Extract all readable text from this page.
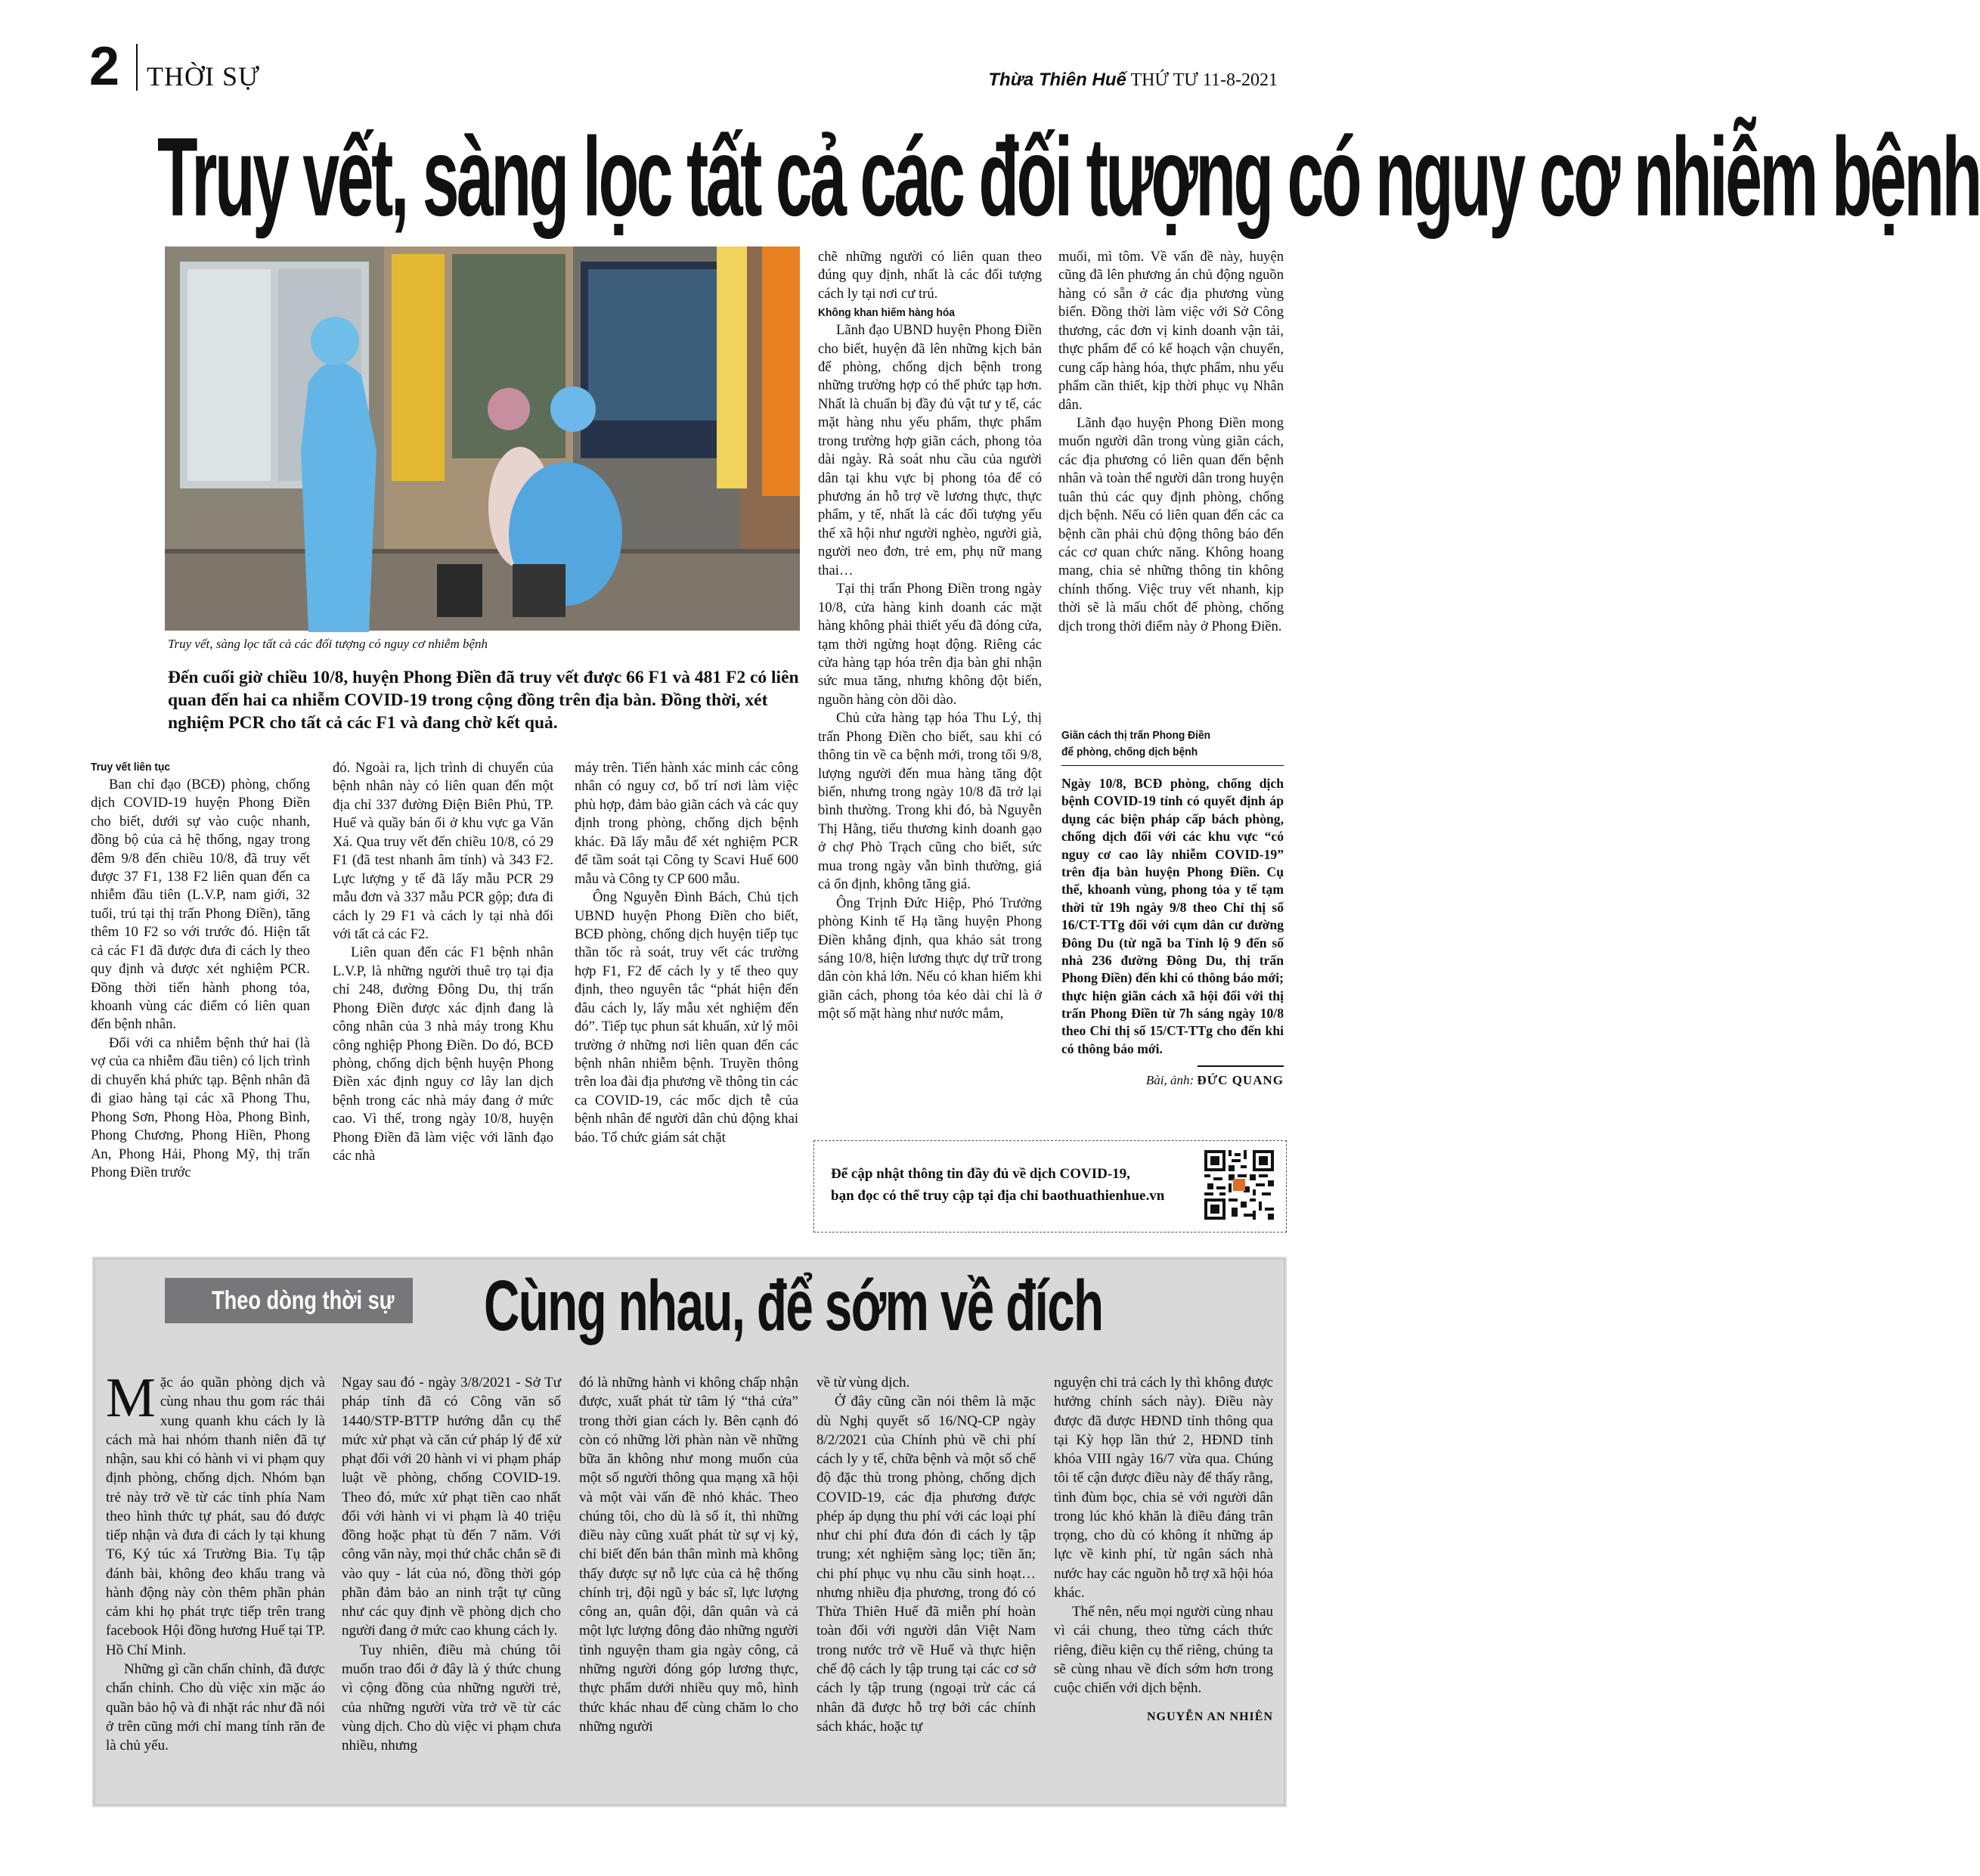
2 THỜI SỰ	Thừa Thiên Huế THỨ TƯ 11-8-2021
Truy vết, sàng lọc tất cả các đối tượng có nguy cơ nhiễm bệnh
Truy vết, sàng lọc tất cả các đối tượng có nguy cơ nhiễm bệnh
Đến cuối giờ chiều 10/8, huyện Phong Điền đã truy vết được 66 F1 và 481 F2 có liên quan đến hai ca nhiễm COVID-19 trong cộng đồng trên địa bàn. Đồng thời, xét nghiệm PCR cho tất cả các F1 và đang chờ kết quả.
Truy vết liên tục

Ban chỉ đạo (BCĐ) phòng, chống dịch COVID-19 huyện Phong Điền cho biết, dưới sự vào cuộc nhanh, đồng bộ của cả hệ thống, ngay trong đêm 9/8 đến chiều 10/8, đã truy vết được 37 F1, 138 F2 liên quan đến ca nhiễm đầu tiên (L.V.P, nam giới, 32 tuổi, trú tại thị trấn Phong Điền), tăng thêm 10 F2 so với trước đó. Hiện tất cả các F1 đã được đưa đi cách ly theo quy định và được xét nghiệm PCR. Đồng thời tiến hành phong tỏa, khoanh vùng các điểm có liên quan đến bệnh nhân.

Đối với ca nhiễm bệnh thứ hai (là vợ của ca nhiễm đầu tiên) có lịch trình di chuyển khá phức tạp. Bệnh nhân đã đi giao hàng tại các xã Phong Thu, Phong Sơn, Phong Hòa, Phong Bình, Phong Chương, Phong Hiền, Phong An, Phong Hải, Phong Mỹ, thị trấn Phong Điền trước

đó. Ngoài ra, lịch trình di chuyển của bệnh nhân này có liên quan đến một địa chỉ 337 đường Điện Biên Phủ, TP. Huế và quầy bán ổi ở khu vực ga Văn Xá. Qua truy vết đến chiều 10/8, có 29 F1 (đã test nhanh âm tính) và 343 F2. Lực lượng y tế đã lấy mẫu PCR 29 mẫu đơn và 337 mẫu PCR gộp; đưa đi cách ly 29 F1 và cách ly tại nhà đối với tất cả các F2.

Liên quan đến các F1 bệnh nhân L.V.P, là những người thuê trọ tại địa chỉ 248, đường Đông Du, thị trấn Phong Điền được xác định đang là công nhân của 3 nhà máy trong Khu công nghiệp Phong Điền. Do đó, BCĐ phòng, chống dịch bệnh huyện Phong Điền xác định nguy cơ lây lan dịch bệnh trong các nhà máy đang ở mức cao. Vì thế, trong ngày 10/8, huyện Phong Điền đã làm việc với lãnh đạo các nhà

máy trên. Tiến hành xác minh các công nhân có nguy cơ, bố trí nơi làm việc phù hợp, đảm bảo giãn cách và các quy định trong phòng, chống dịch bệnh khác. Đã lấy mẫu để xét nghiệm PCR để tầm soát tại Công ty Scavi Huế 600 mẫu và Công ty CP 600 mẫu.

Ông Nguyễn Đình Bách, Chủ tịch UBND huyện Phong Điền cho biết, BCĐ phòng, chống dịch huyện tiếp tục thần tốc rà soát, truy vết các trường hợp F1, F2 để cách ly y tế theo quy định, theo nguyên tắc “phát hiện đến đâu cách ly, lấy mẫu xét nghiệm đến đó”. Tiếp tục phun sát khuẩn, xử lý môi trường ở những nơi liên quan đến các bệnh nhân nhiễm bệnh. Truyền thông trên loa đài địa phương về thông tin các ca COVID-19, các mốc dịch tễ của bệnh nhân để người dân chủ động khai báo. Tổ chức giám sát chặt

chẽ những người có liên quan theo đúng quy định, nhất là các đối tượng cách ly tại nơi cư trú.

Không khan hiếm hàng hóa

Lãnh đạo UBND huyện Phong Điền cho biết, huyện đã lên những kịch bản để phòng, chống dịch bệnh trong những trường hợp có thể phức tạp hơn. Nhất là chuẩn bị đầy đủ vật tư y tế, các mặt hàng nhu yếu phẩm, thực phẩm trong trường hợp giãn cách, phong tỏa dài ngày. Rà soát nhu cầu của người dân tại khu vực bị phong tỏa để có phương án hỗ trợ về lương thực, thực phẩm, y tế, nhất là các đối tượng yếu thế xã hội như người nghèo, người già, người neo đơn, trẻ em, phụ nữ mang thai…

Tại thị trấn Phong Điền trong ngày 10/8, cửa hàng kinh doanh các mặt hàng không phải thiết yếu đã đóng cửa, tạm thời ngừng hoạt động. Riêng các cửa hàng tạp hóa trên địa bàn ghi nhận sức mua tăng, nhưng không đột biến, nguồn hàng còn dồi dào.

Chủ cửa hàng tạp hóa Thu Lý, thị trấn Phong Điền cho biết, sau khi có thông tin về ca bệnh mới, trong tối 9/8, lượng người đến mua hàng tăng đột biến, nhưng trong ngày 10/8 đã trở lại bình thường. Trong khi đó, bà Nguyễn Thị Hằng, tiểu thương kinh doanh gạo ở chợ Phò Trạch cũng cho biết, sức mua trong ngày vẫn bình thường, giá cả ổn định, không tăng giá.

Ông Trịnh Đức Hiệp, Phó Trưởng phòng Kinh tế Hạ tầng huyện Phong Điền khẳng định, qua khảo sát trong sáng 10/8, hiện lương thực dự trữ trong dân còn khá lớn. Nếu có khan hiếm khi giãn cách, phong tỏa kéo dài chỉ là ở một số mặt hàng như nước mắm,

muối, mì tôm. Về vấn đề này, huyện cũng đã lên phương án chủ động nguồn hàng có sẵn ở các địa phương vùng biển. Đồng thời làm việc với Sở Công thương, các đơn vị kinh doanh vận tải, thực phẩm để có kế hoạch vận chuyển, cung cấp hàng hóa, thực phẩm, nhu yếu phẩm cần thiết, kịp thời phục vụ Nhân dân.

Lãnh đạo huyện Phong Điền mong muốn người dân trong vùng giãn cách, các địa phương có liên quan đến bệnh nhân và toàn thể người dân trong huyện tuân thủ các quy định phòng, chống dịch bệnh. Nếu có liên quan đến các ca bệnh cần phải chủ động thông báo đến các cơ quan chức năng. Không hoang mang, chia sẻ những thông tin không chính thống. Việc truy vết nhanh, kịp thời sẽ là mấu chốt để phòng, chống dịch trong thời điểm này ở Phong Điền.

Giãn cách thị trấn Phong Điền
để phòng, chống dịch bệnh
Ngày 10/8, BCĐ phòng, chống dịch bệnh COVID-19 tỉnh có quyết định áp dụng các biện pháp cấp bách phòng, chống dịch đối với các khu vực “có nguy cơ cao lây nhiễm COVID-19” trên địa bàn huyện Phong Điền. Cụ thể, khoanh vùng, phong tỏa y tế tạm thời từ 19h ngày 9/8 theo Chỉ thị số 16/CT-TTg đối với cụm dân cư đường Đông Du (từ ngã ba Tỉnh lộ 9 đến số nhà 236 đường Đông Du, thị trấn Phong Điền) đến khi có thông báo mới; thực hiện giãn cách xã hội đối với thị trấn Phong Điền từ 7h sáng ngày 10/8 theo Chỉ thị số 15/CT-TTg cho đến khi có thông báo mới.
Bài, ảnh: ĐỨC QUANG
Để cập nhật thông tin đầy đủ về dịch COVID-19,
bạn đọc có thể truy cập tại địa chỉ baothuathienhue.vn
Theo dòng thời sự	Cùng nhau, để sớm về đích

Mặc áo quần phòng dịch và cùng nhau thu gom rác thải xung quanh khu cách ly là cách mà hai nhóm thanh niên đã tự nhận, sau khi có hành vi vi phạm quy định phòng, chống dịch. Nhóm bạn trẻ này trở về từ các tỉnh phía Nam theo hình thức tự phát, sau đó được tiếp nhận và đưa đi cách ly tại khung T6, Ký túc xá Trường Bia. Tụ tập đánh bài, không đeo khẩu trang và hành động này còn thêm phần phản cảm khi họ phát trực tiếp trên trang facebook Hội đồng hương Huế tại TP. Hồ Chí Minh.

Những gì cần chấn chỉnh, đã được chấn chỉnh. Cho dù việc xin mặc áo quần bảo hộ và đi nhặt rác như đã nói ở trên cũng mới chỉ mang tính răn đe là chủ yếu.

Ngay sau đó - ngày 3/8/2021 - Sở Tư pháp tỉnh đã có Công văn số 1440/STP-BTTP hướng dẫn cụ thể mức xử phạt và căn cứ pháp lý để xử phạt đối với 20 hành vi vi phạm pháp luật về phòng, chống COVID-19. Theo đó, mức xử phạt tiền cao nhất đối với hành vi vi phạm là 40 triệu đồng hoặc phạt tù đến 7 năm. Với công văn này, mọi thứ chắc chắn sẽ đi vào quy - lát của nó, đồng thời góp phần đảm bảo an ninh trật tự cũng như các quy định về phòng dịch cho người đang ở mức cao khung cách ly.

Tuy nhiên, điều mà chúng tôi muốn trao đổi ở đây là ý thức chung vì cộng đồng của những người trẻ, của những người vừa trở về từ các vùng dịch. Cho dù việc vi phạm chưa nhiều, nhưng

đó là những hành vi không chấp nhận được, xuất phát từ tâm lý “thả cửa” trong thời gian cách ly. Bên cạnh đó còn có những lời phàn nàn về những bữa ăn không như mong muốn của một số người thông qua mạng xã hội và một vài vấn đề nhỏ khác. Theo chúng tôi, cho dù là số ít, thì những điều này cũng xuất phát từ sự vị kỷ, chỉ biết đến bản thân mình mà không thấy được sự nỗ lực của cả hệ thống chính trị, đội ngũ y bác sĩ, lực lượng công an, quân đội, dân quân và cả một lực lượng đông đảo những người tình nguyện tham gia ngày công, cả những người đóng góp lương thực, thực phẩm dưới nhiều quy mô, hình thức khác nhau để cùng chăm lo cho những người

về từ vùng dịch.

Ở đây cũng cần nói thêm là mặc dù Nghị quyết số 16/NQ-CP ngày 8/2/2021 của Chính phủ về chi phí cách ly y tế, chữa bệnh và một số chế độ đặc thù trong phòng, chống dịch COVID-19, các địa phương được phép áp dụng thu phí với các loại phí như chi phí đưa đón đi cách ly tập trung; xét nghiệm sàng lọc; tiền ăn; chi phí phục vụ nhu cầu sinh hoạt… nhưng nhiều địa phương, trong đó có Thừa Thiên Huế đã miễn phí hoàn toàn đối với người dân Việt Nam trong nước trở về Huế và thực hiện chế độ cách ly tập trung tại các cơ sở cách ly tập trung (ngoại trừ các cá nhân đã được hỗ trợ bởi các chính sách khác, hoặc tự

nguyện chi trả cách ly thì không được hưởng chính sách này). Điều này được đã được HĐND tỉnh thông qua tại Kỳ họp lần thứ 2, HĐND tỉnh khóa VIII ngày 16/7 vừa qua. Chúng tôi tế cận được điều này để thấy rằng, tình đùm bọc, chia sẻ với người dân trong lúc khó khăn là điều đáng trân trọng, cho dù có không ít những áp lực về kinh phí, từ ngân sách nhà nước hay các nguồn hỗ trợ xã hội hóa khác.

Thế nên, nếu mọi người cùng nhau vì cái chung, theo từng cách thức riêng, điều kiện cụ thể riêng, chúng ta sẽ cùng nhau về đích sớm hơn trong cuộc chiến với dịch bệnh.

NGUYỄN AN NHIÊN
